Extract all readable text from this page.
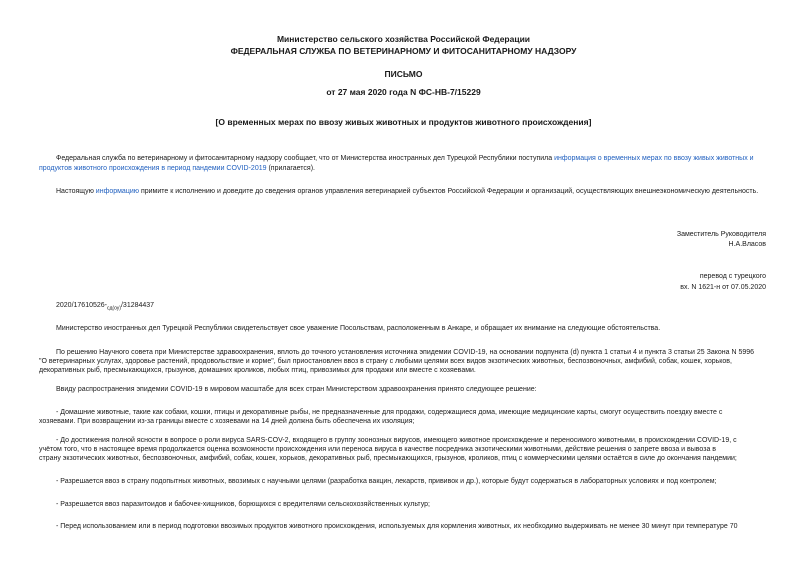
Министерство сельского хозяйства Российской Федерации
ФЕДЕРАЛЬНАЯ СЛУЖБА ПО ВЕТЕРИНАРНОМУ И ФИТОСАНИТАРНОМУ НАДЗОРУ
ПИСЬМО
от 27 мая 2020 года N ФС-НВ-7/15229
[О временных мерах по ввозу живых животных и продуктов животного происхождения]
Федеральная служба по ветеринарному и фитосанитарному надзору сообщает, что от Министерства иностранных дел Турецкой Республики поступила информация о временных мерах по ввозу живых животных и
продуктов животного происхождения в период пандемии COVID-2019 (прилагается).
Настоящую информацию примите к исполнению и доведите до сведения органов управления ветеринарией субъектов Российской Федерации и организаций, осуществляющих внешнеэкономическую деятельность.
Заместитель Руководителя
Н.А.Власов
перевод с турецкого
вх. N 1621-н от 07.05.2020
$2020/17610526-_{сд(оу)}/31284437$
Министерство иностранных дел Турецкой Республики свидетельствует свое уважение Посольствам, расположенным в Анкаре, и обращает их внимание на следующие обстоятельства.
По решению Научного совета при Министерстве здравоохранения, вплоть до точного установления источника эпидемии COVID-19, на основании подпункта (d) пункта 1 статьи 4 и пункта 3 статьи 25 Закона N 5996
"О ветеринарных услугах, здоровье растений, продовольствие и корме", был приостановлен ввоз в страну с любыми целями всех видов экзотических животных, беспозвоночных, амфибий, собак, кошек, хорьков,
декоративных рыб, пресмыкающихся, грызунов, домашних кроликов, любых птиц, привозимых для продажи или вместе с хозяевами.
Ввиду распространения эпидемии COVID-19 в мировом масштабе для всех стран Министерством здравоохранения принято следующее решение:
- Домашние животные, такие как собаки, кошки, птицы и декоративные рыбы, не предназначенные для продажи, содержащиеся дома, имеющие медицинские карты, смогут осуществить поездку вместе с
хозяевами. При возвращении из-за границы вместе с хозяевами на 14 дней должна быть обеспечена их изоляция;
- До достижения полной ясности в вопросе о роли вируса SARS-COV-2, входящего в группу зоонозных вирусов, имеющего животное происхождение и переносимого животными, в происхождении COVID-19, с
учётом того, что в настоящее время продолжается оценка возможности происхождения или переноса вируса в качестве посредника экзотическими животными, действие решения о запрете ввоза и вывоза в
страну экзотических животных, беспозвоночных, амфибий, собак, кошек, хорьков, декоративных рыб, пресмыкающихся, грызунов, кроликов, птиц с коммерческими целями остаётся в силе до окончания пандемии;
- Разрешается ввоз в страну подопытных животных, ввозимых с научными целями (разработка вакцин, лекарств, прививок и др.), которые будут содержаться в лабораторных условиях и под контролем;
- Разрешается ввоз паразитоидов и бабочек-хищников, борющихся с вредителями сельскохозяйственных культур;
- Перед использованием или в период подготовки ввозимых продуктов животного происхождения, используемых для кормления животных, их необходимо выдерживать не менее 30 минут при температуре 70
